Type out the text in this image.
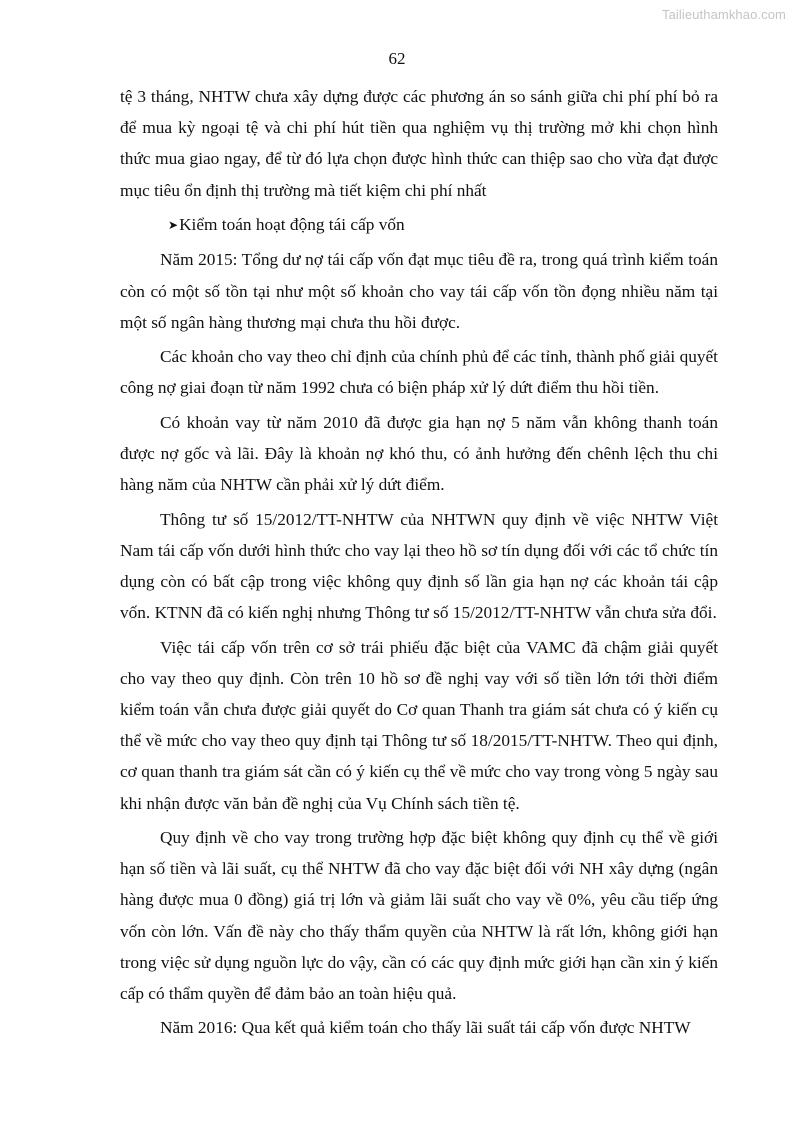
Tailieuthamkhao.com
62

tệ 3 tháng, NHTW chưa xây dựng được các phương án so sánh giữa chi phí phí bỏ ra để mua kỳ ngoại tệ và chi phí hút tiền qua nghiệm vụ thị trường mở khi chọn hình thức mua giao ngay, để từ đó lựa chọn được hình thức can thiệp sao cho vừa đạt được mục tiêu ổn định thị trường mà tiết kiệm chi phí nhất

➤Kiểm toán hoạt động tái cấp vốn

Năm 2015: Tổng dư nợ tái cấp vốn đạt mục tiêu đề ra, trong quá trình kiểm toán còn có một số tồn tại như một số khoản cho vay tái cấp vốn tồn đọng nhiều năm tại một số ngân hàng thương mại chưa thu hồi được.

Các khoản cho vay theo chỉ định của chính phủ để các tỉnh, thành phố giải quyết công nợ giai đoạn từ năm 1992 chưa có biện pháp xử lý dứt điểm thu hồi tiền.

Có khoản vay từ năm 2010 đã được gia hạn nợ 5 năm vẫn không thanh toán được nợ gốc và lãi. Đây là khoản nợ khó thu, có ảnh hưởng đến chênh lệch thu chi hàng năm của NHTW cần phải xử lý dứt điểm.

Thông tư số 15/2012/TT-NHTW của NHTWN quy định về việc NHTW Việt Nam tái cấp vốn dưới hình thức cho vay lại theo hồ sơ tín dụng đối với các tổ chức tín dụng còn có bất cập trong việc không quy định số lần gia hạn nợ các khoản tái cập vốn. KTNN đã có kiến nghị nhưng Thông tư số 15/2012/TT-NHTW vẫn chưa sửa đổi.

Việc tái cấp vốn trên cơ sở trái phiếu đặc biệt của VAMC đã chậm giải quyết cho vay theo quy định. Còn trên 10 hồ sơ đề nghị vay với số tiền lớn tới thời điểm kiểm toán vẫn chưa được giải quyết do Cơ quan Thanh tra giám sát chưa có ý kiến cụ thể về mức cho vay theo quy định tại Thông tư số 18/2015/TT-NHTW. Theo qui định, cơ quan thanh tra giám sát cần có ý kiến cụ thể về mức cho vay trong vòng 5 ngày sau khi nhận được văn bản đề nghị của Vụ Chính sách tiền tệ.

Quy định về cho vay trong trường hợp đặc biệt không quy định cụ thể về giới hạn số tiền và lãi suất, cụ thể NHTW đã cho vay đặc biệt đối với NH xây dựng (ngân hàng được mua 0 đồng) giá trị lớn và giảm lãi suất cho vay về 0%, yêu cầu tiếp ứng vốn còn lớn. Vấn đề này cho thấy thẩm quyền của NHTW là rất lớn, không giới hạn trong việc sử dụng nguồn lực do vậy, cần có các quy định mức giới hạn cần xin ý kiến cấp có thẩm quyền để đảm bảo an toàn hiệu quả.

Năm 2016: Qua kết quả kiểm toán cho thấy lãi suất tái cấp vốn được NHTW
